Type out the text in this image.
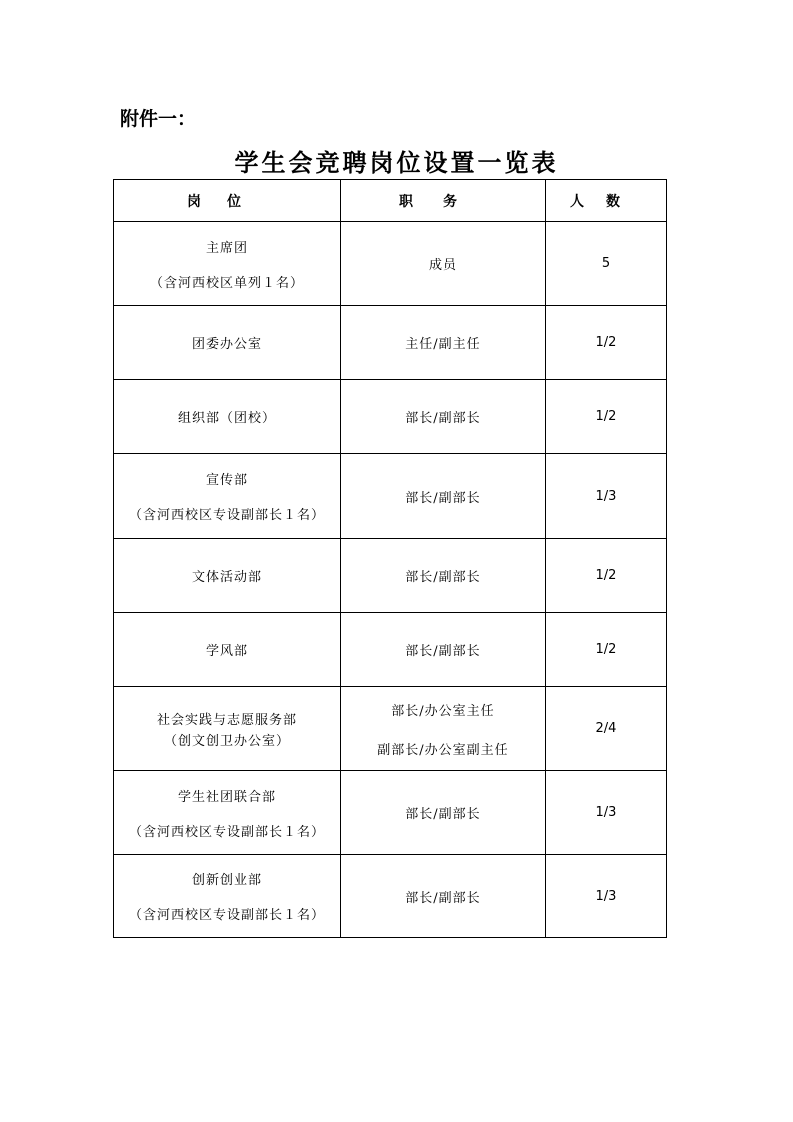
附件一：
学生会竞聘岗位设置一览表
岗位	职务	人数

主席团
（含河西校区单列１名）	成员	5

团委办公室	主任/副主任	1/2

组织部（团校）	部长/副部长	1/2

宣传部
（含河西校区专设副部长１名）	部长/副部长	1/3

文体活动部	部长/副部长	1/2

学风部	部长/副部长	1/2

社会实践与志愿服务部
（创文创卫办公室）	部长/办公室主任
副部长/办公室副主任	2/4

学生社团联合部
（含河西校区专设副部长１名）	部长/副部长	1/3

创新创业部
（含河西校区专设副部长１名）	部长/副部长	1/3
